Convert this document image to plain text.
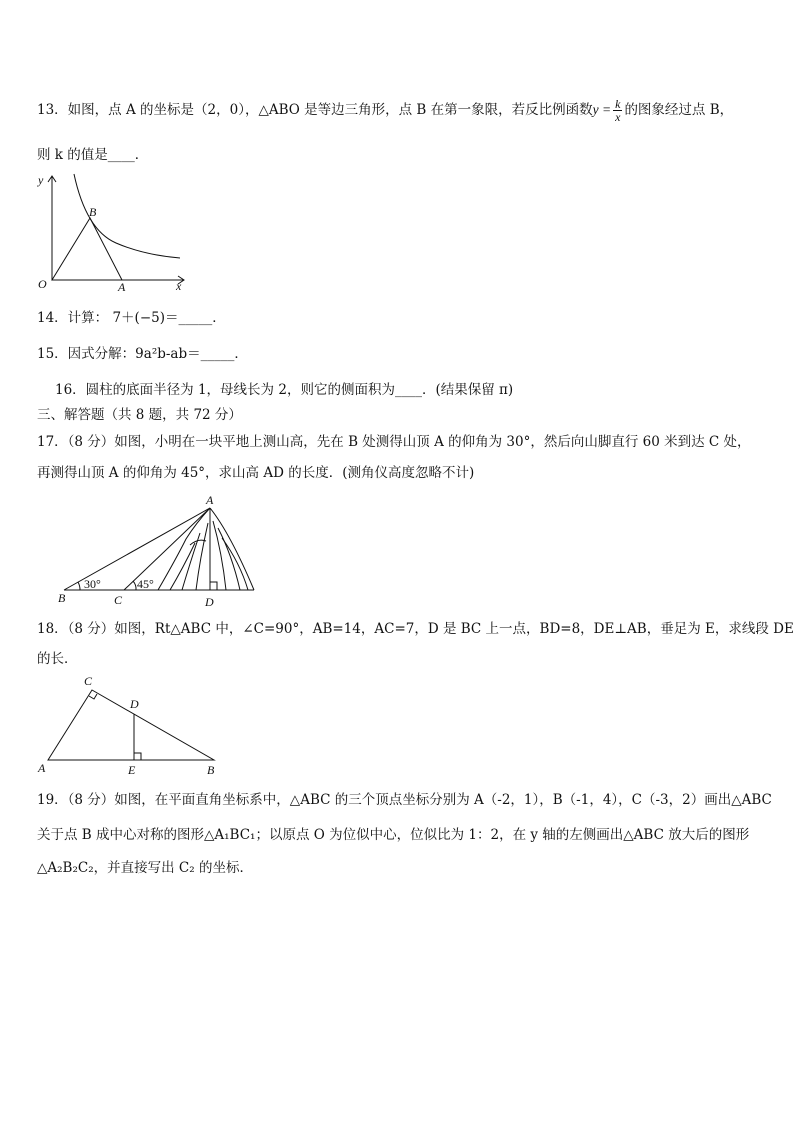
13．如图，点 A 的坐标是（2，0），△ABO 是等边三角形，点 B 在第一象限，若反比例函数$y = \frac{k}{x}$ 的图象经过点 B，
则 k 的值是____．
y
x
O	A
B
14．计算： 7＋(−5)＝_____．
15．因式分解：9a²b-ab＝_____．
16．圆柱的底面半径为 1，母线长为 2，则它的侧面积为____．(结果保留 π)
三、解答题（共 8 题，共 72 分）
17．（8 分）如图，小明在一块平地上测山高，先在 B 处测得山顶 A 的仰角为 30°，然后向山脚直行 60 米到达 C 处，
再测得山顶 A 的仰角为 45°，求山高 AD 的长度．(测角仪高度忽略不计)
A
B	C	D
30°	45°
18．（8 分）如图，Rt△ABC 中，∠C=90°，AB=14，AC=7，D 是 BC 上一点，BD=8，DE⊥AB，垂足为 E，求线段 DE
的长．
C
D
A	E	B
19．（8 分）如图，在平面直角坐标系中，△ABC 的三个顶点坐标分别为 A（-2，1），B（-1，4），C（-3，2）画出△ABC
关于点 B 成中心对称的图形△A₁BC₁；以原点 O 为位似中心，位似比为 1：2，在 y 轴的左侧画出△ABC 放大后的图形
△A₂B₂C₂，并直接写出 C₂ 的坐标．
